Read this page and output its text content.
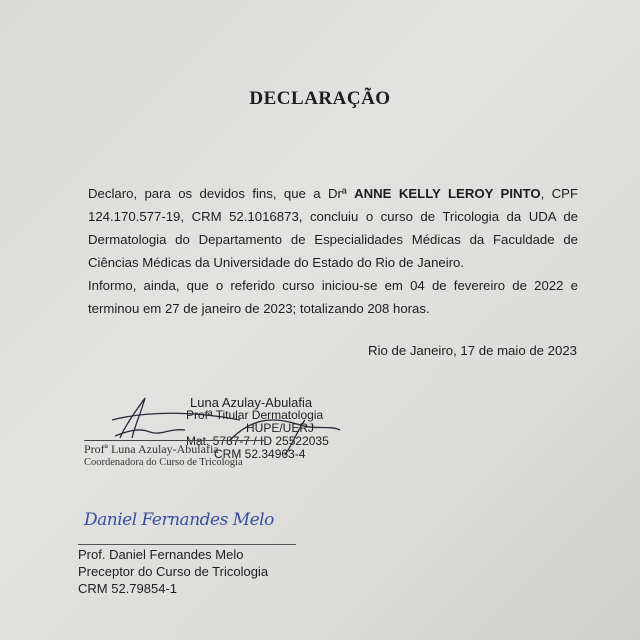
DECLARAÇÃO

Declaro, para os devidos fins, que a Drª ANNE KELLY LEROY PINTO, CPF 124.170.577-19, CRM 52.1016873, concluiu o curso de Tricologia da UDA de Dermatologia do Departamento de Especialidades Médicas da Faculdade de Ciências Médicas da Universidade do Estado do Rio de Janeiro.

Informo, ainda, que o referido curso iniciou-se em 04 de fevereiro de 2022 e terminou em 27 de janeiro de 2023; totalizando 208 horas.

Rio de Janeiro, 17 de maio de 2023
Luna Azulay-Abulafia
Profª Titular Dermatologia
HUPE/UERJ
Mat. 5787-7 / ID 25522035
CRM 52.34963-4
Profª Luna Azulay-Abulafia
Coordenadora do Curso de Tricologia
Daniel Fernandes Melo
Prof. Daniel Fernandes Melo
Preceptor do Curso de Tricologia
CRM 52.79854-1
